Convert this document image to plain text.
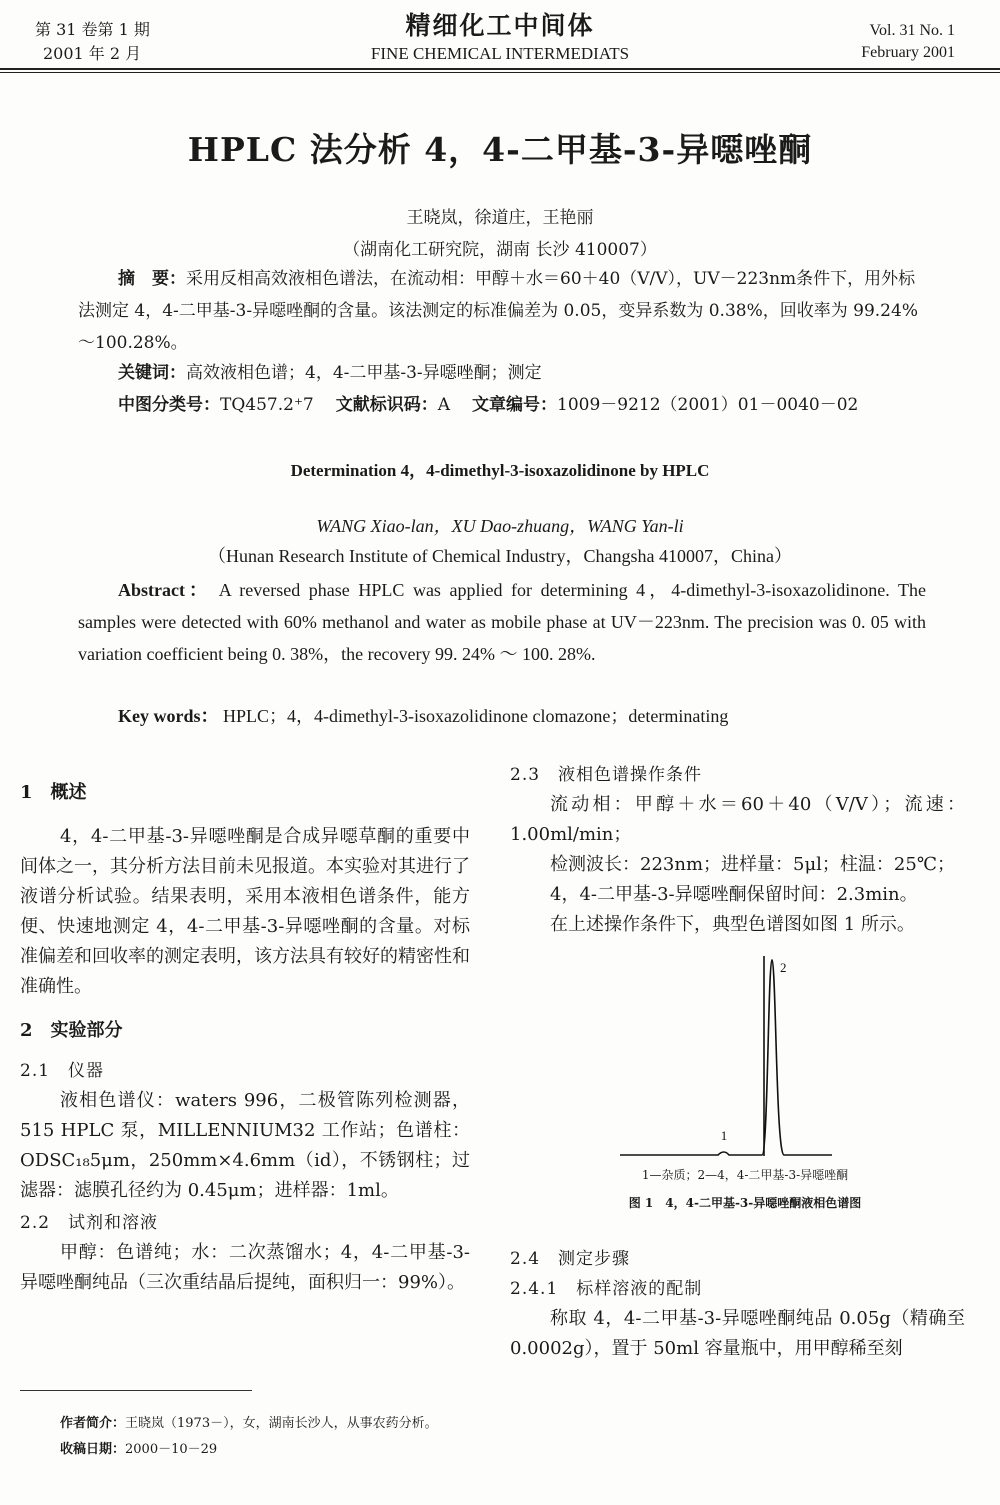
第 31 卷第 1 期
2001 年 2 月
精细化工中间体
FINE CHEMICAL INTERMEDIATS
Vol. 31 No. 1
February 2001
HPLC 法分析 4，4-二甲基-3-异噁唑酮
王晓岚，徐道庄，王艳丽
（湖南化工研究院，湖南 长沙 410007）

摘　要：采用反相高效液相色谱法，在流动相：甲醇＋水＝60＋40（V/V），UV－223nm条件下，用外标法测定 4，4-二甲基-3-异噁唑酮的含量。该法测定的标准偏差为 0.05，变异系数为 0.38%，回收率为 99.24%～100.28%。

关键词：高效液相色谱；4，4-二甲基-3-异噁唑酮；测定

中图分类号：TQ457.2⁺7 文献标识码：A 文章编号：1009－9212（2001）01－0040－02

Determination 4，4-dimethyl-3-isoxazolidinone by HPLC
WANG Xiao-lan，XU Dao-zhuang，WANG Yan-li
（Hunan Research Institute of Chemical Industry，Changsha 410007，China）

Abstract： A reversed phase HPLC was applied for determining 4，4-dimethyl-3-isoxazolidinone. The samples were detected with 60% methanol and water as mobile phase at UV－223nm. The precision was 0. 05 with variation coefficient being 0. 38%，the recovery 99. 24% ～ 100. 28%.

Key words： HPLC；4，4-dimethyl-3-isoxazolidinone clomazone；determinating

1　概述

4，4-二甲基-3-异噁唑酮是合成异噁草酮的重要中间体之一，其分析方法目前未见报道。本实验对其进行了液谱分析试验。结果表明，采用本液相色谱条件，能方便、快速地测定 4，4-二甲基-3-异噁唑酮的含量。对标准偏差和回收率的测定表明，该方法具有较好的精密性和准确性。

2　实验部分

2.1　仪器

液相色谱仪：waters 996，二极管陈列检测器，515 HPLC 泵，MILLENNIUM32 工作站；色谱柱：ODSC₁₈5μm，250mm×4.6mm（id），不锈钢柱；过滤器：滤膜孔径约为 0.45μm；进样器：1ml。

2.2　试剂和溶液

甲醇：色谱纯；水：二次蒸馏水；4，4-二甲基-3-异噁唑酮纯品（三次重结晶后提纯，面积归一：99%）。

2.3　液相色谱操作条件

流动相：甲醇＋水＝60＋40（V/V）；流速：1.00ml/min；

检测波长：223nm；进样量：5μl；柱温：25℃；

4，4-二甲基-3-异噁唑酮保留时间：2.3min。

在上述操作条件下，典型色谱图如图 1 所示。

1
2
1—杂质；2—4，4-二甲基-3-异噁唑酮
图 1　4，4-二甲基-3-异噁唑酮液相色谱图

2.4　测定步骤

2.4.1　标样溶液的配制

称取 4，4-二甲基-3-异噁唑酮纯品 0.05g（精确至 0.0002g），置于 50ml 容量瓶中，用甲醇稀至刻

作者简介：王晓岚（1973－），女，湖南长沙人，从事农药分析。
收稿日期：2000－10－29
